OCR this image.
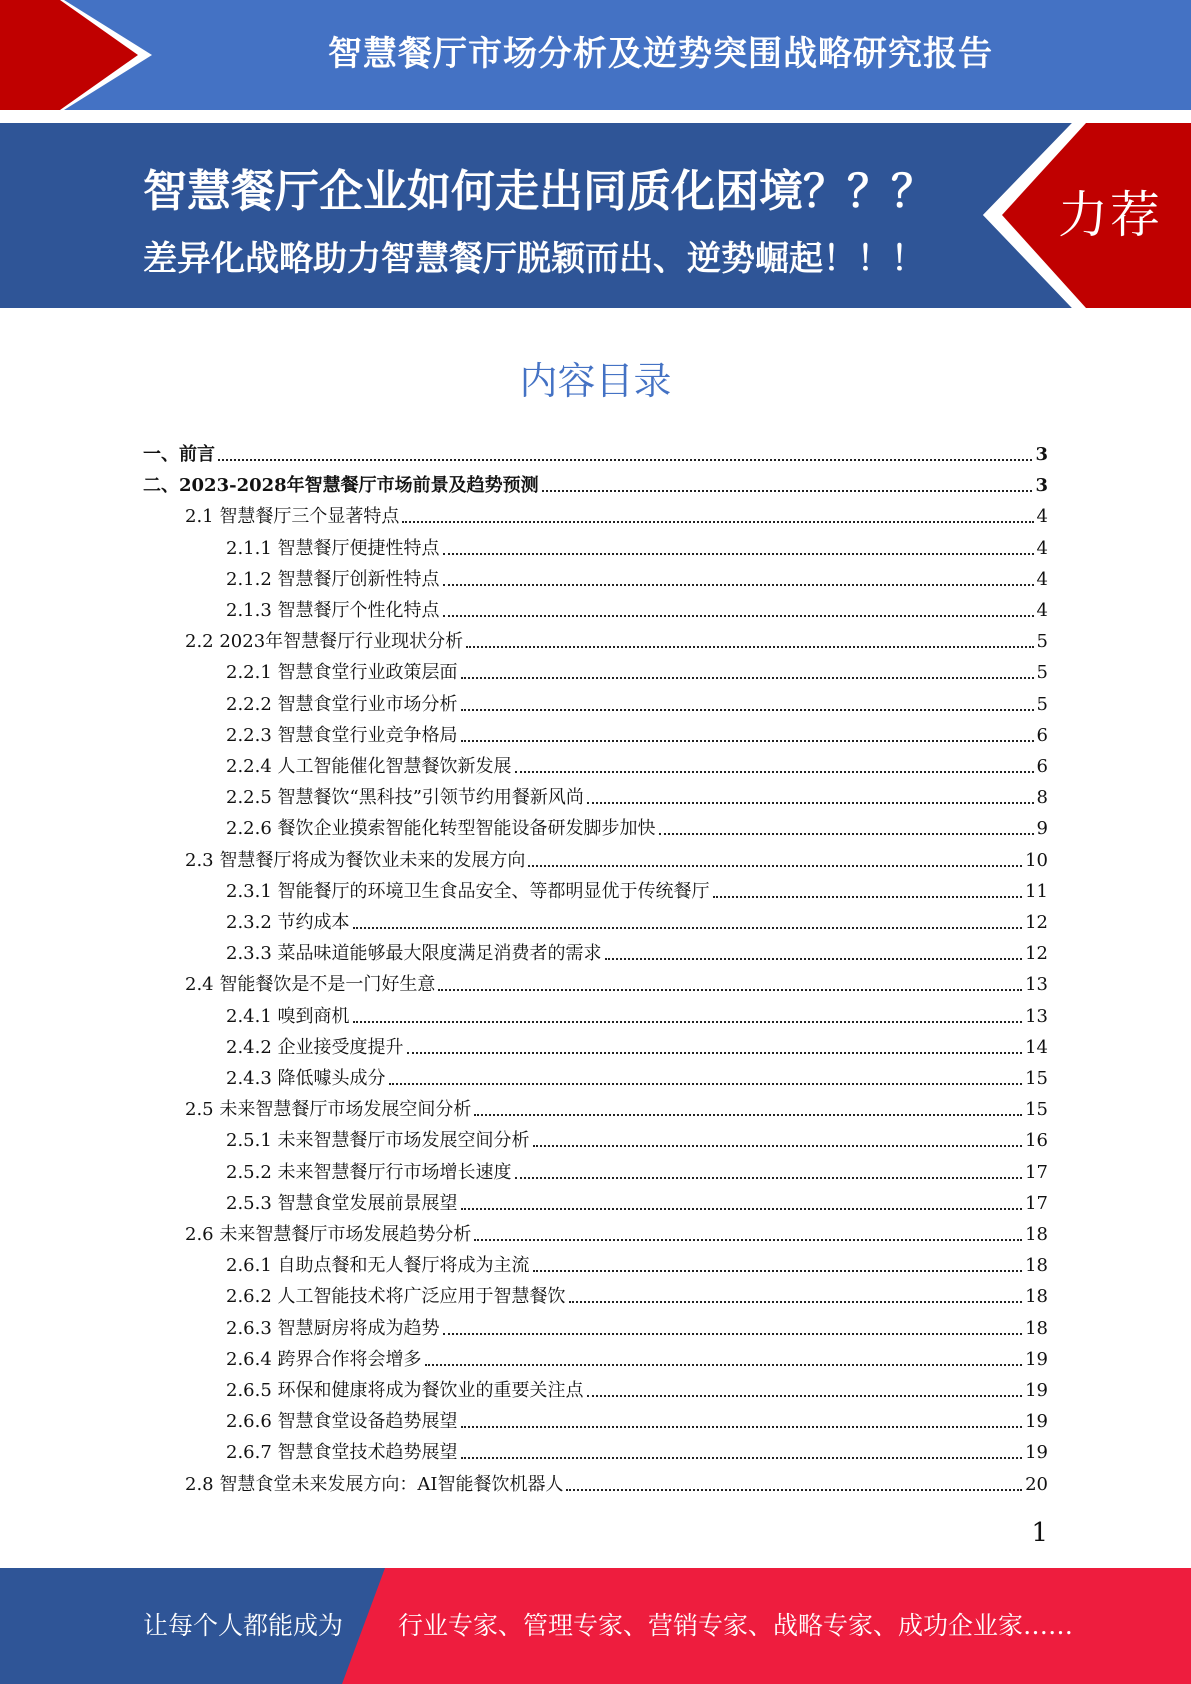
智慧餐厅市场分析及逆势突围战略研究报告
智慧餐厅企业如何走出同质化困境？？？
差异化战略助力智慧餐厅脱颖而出、逆势崛起！！！
力荐
内容目录
一、前言	3
二、2023-2028年智慧餐厅市场前景及趋势预测	3
2.1 智慧餐厅三个显著特点	4
2.1.1 智慧餐厅便捷性特点	4
2.1.2 智慧餐厅创新性特点	4
2.1.3 智慧餐厅个性化特点	4
2.2 2023年智慧餐厅行业现状分析	5
2.2.1 智慧食堂行业政策层面	5
2.2.2 智慧食堂行业市场分析	5
2.2.3 智慧食堂行业竞争格局	6
2.2.4 人工智能催化智慧餐饮新发展	6
2.2.5 智慧餐饮“黑科技”引领节约用餐新风尚	8
2.2.6 餐饮企业摸索智能化转型智能设备研发脚步加快	9
2.3 智慧餐厅将成为餐饮业未来的发展方向	10
2.3.1 智能餐厅的环境卫生食品安全、等都明显优于传统餐厅	11
2.3.2 节约成本	12
2.3.3 菜品味道能够最大限度满足消费者的需求	12
2.4 智能餐饮是不是一门好生意	13
2.4.1 嗅到商机	13
2.4.2 企业接受度提升	14
2.4.3 降低噱头成分	15
2.5 未来智慧餐厅市场发展空间分析	15
2.5.1 未来智慧餐厅市场发展空间分析	16
2.5.2 未来智慧餐厅行市场增长速度	17
2.5.3 智慧食堂发展前景展望	17
2.6 未来智慧餐厅市场发展趋势分析	18
2.6.1 自助点餐和无人餐厅将成为主流	18
2.6.2 人工智能技术将广泛应用于智慧餐饮	18
2.6.3 智慧厨房将成为趋势	18
2.6.4 跨界合作将会增多	19
2.6.5 环保和健康将成为餐饮业的重要关注点	19
2.6.6 智慧食堂设备趋势展望	19
2.6.7 智慧食堂技术趋势展望	19
2.8 智慧食堂未来发展方向：AI智能餐饮机器人	20
1
让每个人都能成为 行业专家、管理专家、营销专家、战略专家、成功企业家……
